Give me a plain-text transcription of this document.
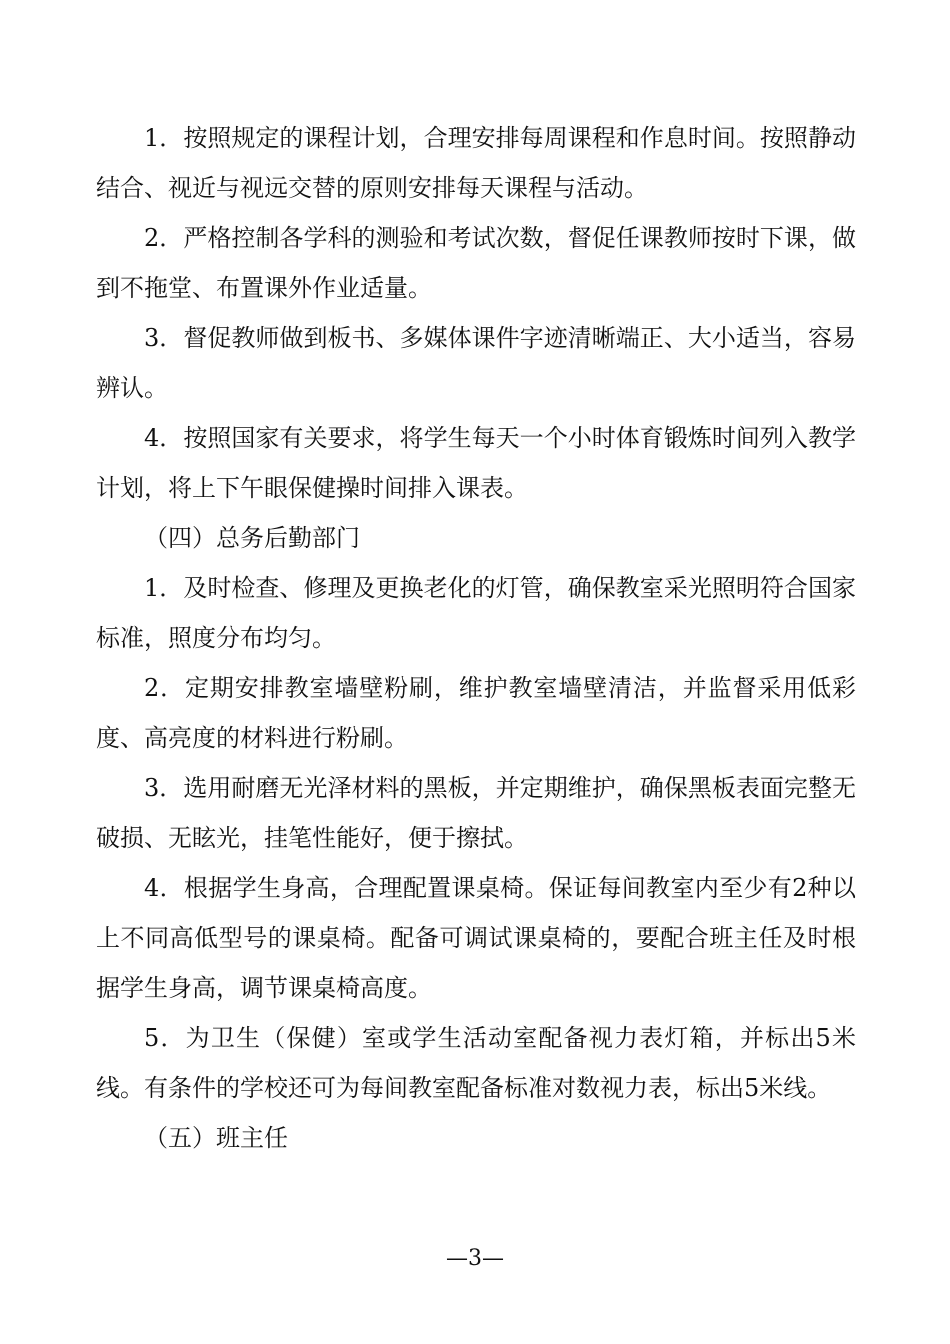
1．按照规定的课程计划，合理安排每周课程和作息时间。按照静动结合、视近与视远交替的原则安排每天课程与活动。

2．严格控制各学科的测验和考试次数，督促任课教师按时下课，做到不拖堂、布置课外作业适量。

3．督促教师做到板书、多媒体课件字迹清晰端正、大小适当，容易辨认。

4．按照国家有关要求，将学生每天一个小时体育锻炼时间列入教学计划，将上下午眼保健操时间排入课表。

（四）总务后勤部门

1．及时检查、修理及更换老化的灯管，确保教室采光照明符合国家标准，照度分布均匀。

2．定期安排教室墙壁粉刷，维护教室墙壁清洁，并监督采用低彩度、高亮度的材料进行粉刷。

3．选用耐磨无光泽材料的黑板，并定期维护，确保黑板表面完整无破损、无眩光，挂笔性能好，便于擦拭。

4．根据学生身高，合理配置课桌椅。保证每间教室内至少有2种以上不同高低型号的课桌椅。配备可调试课桌椅的，要配合班主任及时根据学生身高，调节课桌椅高度。

5．为卫生（保健）室或学生活动室配备视力表灯箱，并标出5米线。有条件的学校还可为每间教室配备标准对数视力表，标出5米线。

（五）班主任

—3—
